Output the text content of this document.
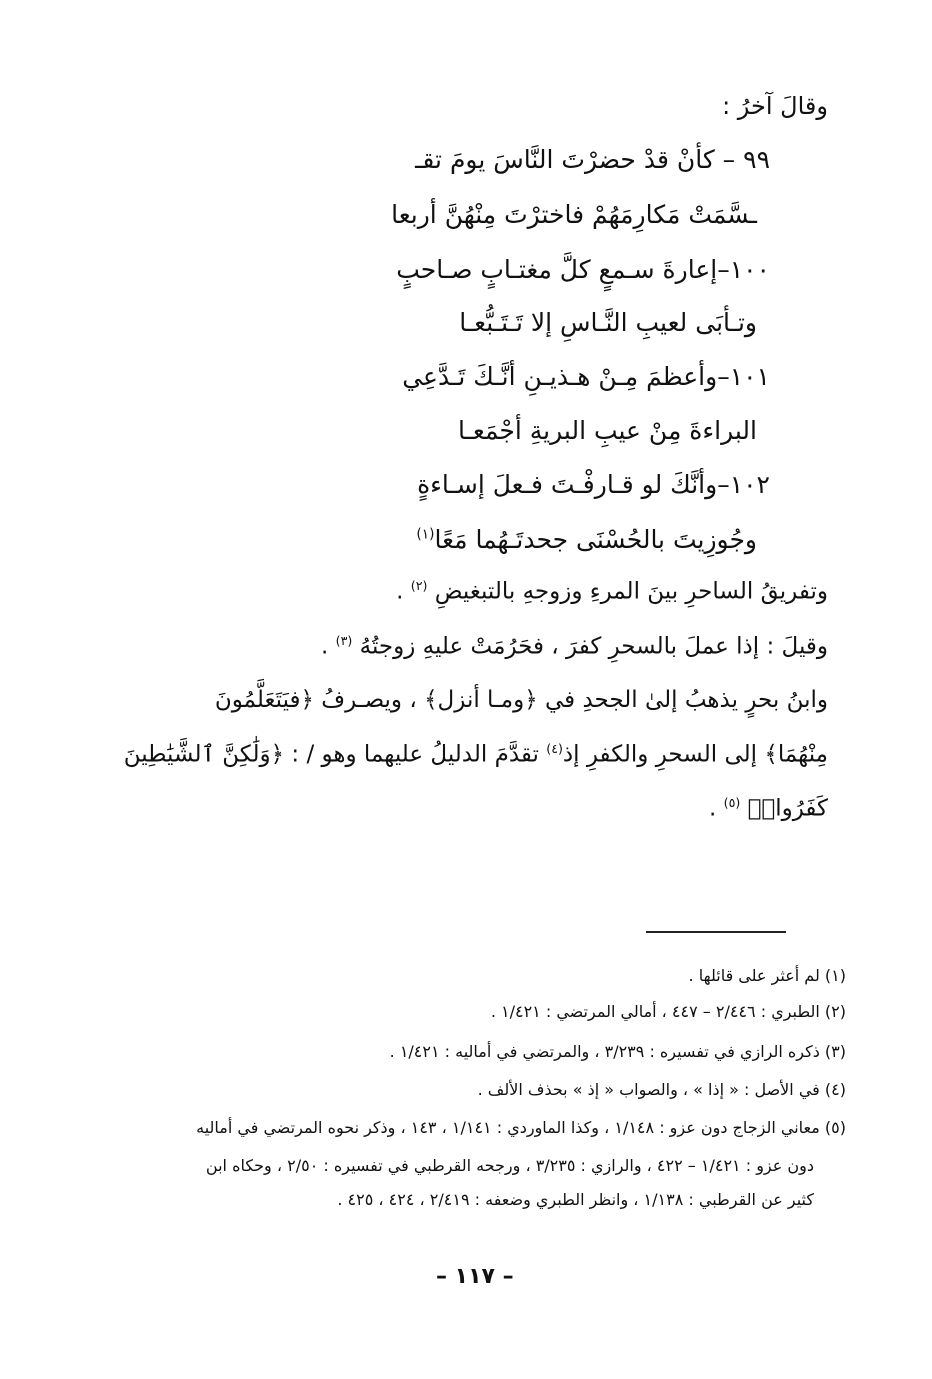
وقالَ آخرُ :
٩٩ – كأنْ قدْ حضرْتَ النَّاسَ يومَ تقـ
ـسَّمَتْ مَكارِمَهُمْ فاخترْتَ مِنْهُنَّ أربعا
١٠٠–إعارةَ سـمعٍ كلَّ مغتـابٍ صـاحبٍ
وتـأبَى لعيبِ النَّـاسِ إلا تَـتَـبُّعـا
١٠١–وأعظمَ مِـنْ هـذيـنِ أنَّـكَ تَـدَّعِي
البراءةَ مِنْ عيبِ البريةِ أجْمَعـا
١٠٢–وأنَّكَ لو قـارفْـتَ فـعلَ إسـاءةٍ
وجُوزِيتَ بالحُسْنَى جحدتَـهُما مَعًا$^{(١)}$
وتفريقُ الساحرِ بينَ المرءِ وزوجهِ بالتبغيضِ $^{(٢)}$ .
وقيلَ : إذا عملَ بالسحرِ كفرَ ، فحَرُمَتْ عليهِ زوجتُهُ $^{(٣)}$ .
وابنُ بحرٍ يذهبُ إلىٰ الجحدِ في ﴿ومـا أنزل﴾ ، ويصـرفُ ﴿فيَتَعَلَّمُونَ
مِنْهُمَا﴾ إلى السحرِ والكفرِ إذ$^{(٤)}$ تقدَّمَ الدليلُ عليهما وهو / : ﴿وَلَٰكِنَّ ٱلشَّيَٰطِينَ
كَفَرُوا۟﴾ $^{(٥)}$ .
(١) لم أعثر على قائلها .
(٢) الطبري : ٢/٤٤٦ – ٤٤٧ ، أمالي المرتضي : ١/٤٢١ .
(٣) ذكره الرازي في تفسيره : ٣/٢٣٩ ، والمرتضي في أماليه : ١/٤٢١ .
(٤) في الأصل : « إذا » ، والصواب « إذ » بحذف الألف .
(٥) معاني الزجاج دون عزو : ١/١٤٨ ، وكذا الماوردي : ١/١٤١ ، ١٤٣ ، وذكر نحوه المرتضي في أماليه
دون عزو : ١/٤٢١ – ٤٢٢ ، والرازي : ٣/٢٣٥ ، ورجحه القرطبي في تفسيره : ٢/٥٠ ، وحكاه ابن
كثير عن القرطبي : ١/١٣٨ ، وانظر الطبري وضعفه : ٢/٤١٩ ، ٤٢٤ ، ٤٢٥ .
– ١١٧ –
